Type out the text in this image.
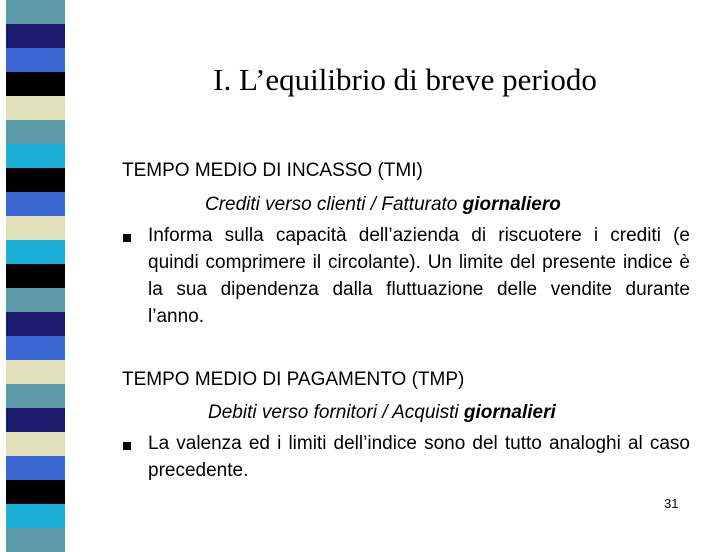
I. L’equilibrio di breve periodo
TEMPO MEDIO DI INCASSO (TMI)
Crediti verso clienti / Fatturato giornaliero
Informa sulla capacità dell’azienda di riscuotere i crediti (e quindi comprimere il circolante). Un limite del presente indice è la sua dipendenza dalla fluttuazione delle vendite durante l’anno.
TEMPO MEDIO DI PAGAMENTO (TMP)
Debiti verso fornitori / Acquisti giornalieri
La valenza ed i limiti dell’indice sono del tutto analoghi al caso precedente.
31
